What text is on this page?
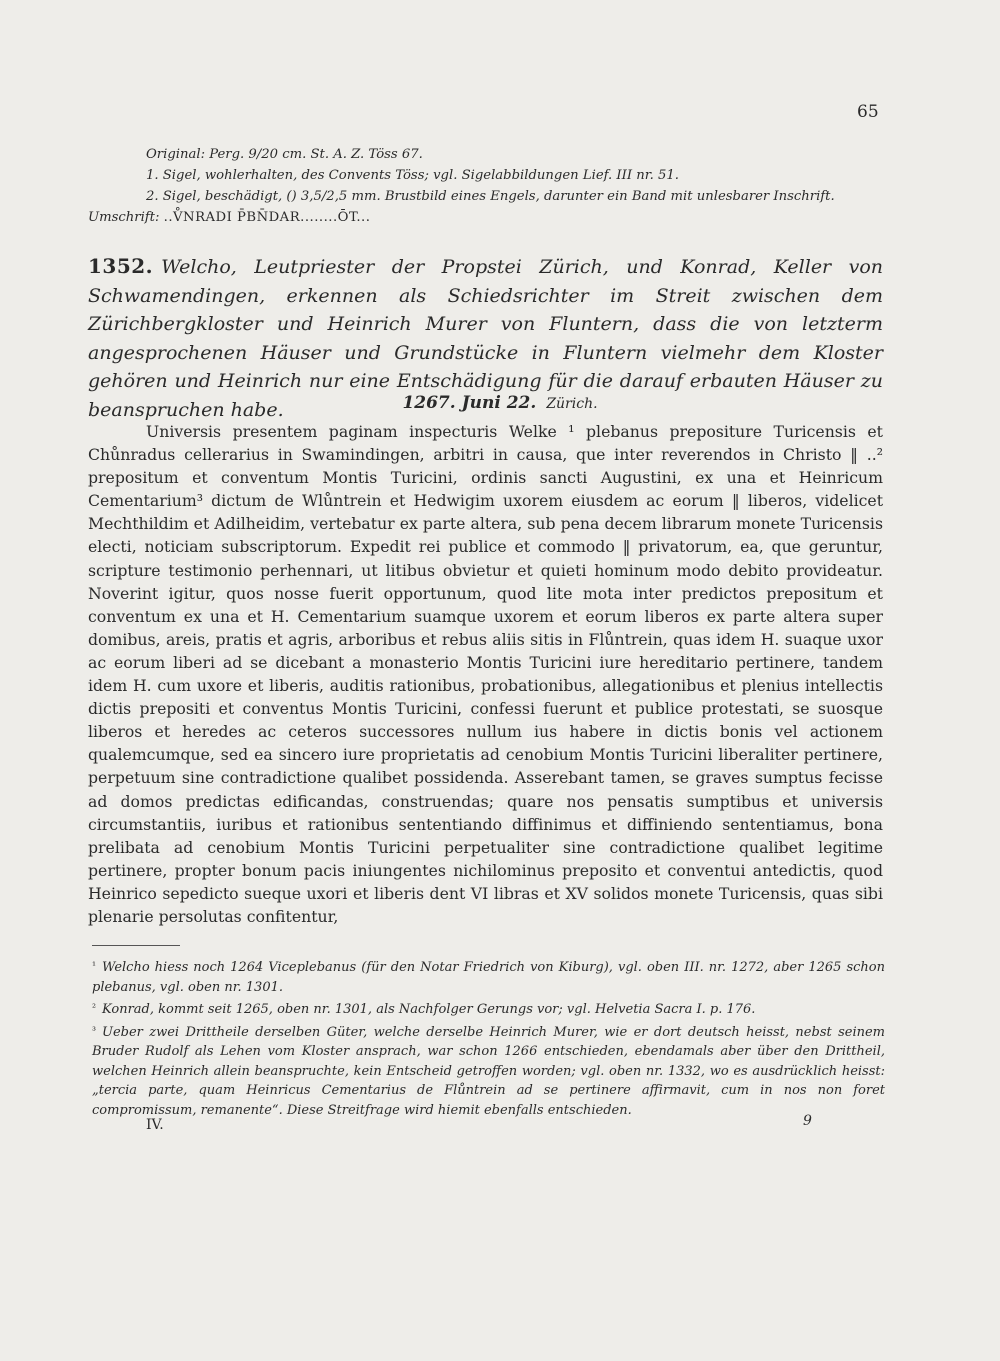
65
Original: Perg. 9/20 cm. St. A. Z. Töss 67.
1. Sigel, wohlerhalten, des Convents Töss; vgl. Sigelabbildungen Lief. III nr. 51.
2. Sigel, beschädigt, () 3,5/2,5 mm. Brustbild eines Engels, darunter ein Band mit unlesbarer Inschrift.
Umschrift: ..V̊NRADI P̄BN̄DAR........ŌT...
1352. Welcho, Leutpriester der Propstei Zürich, und Konrad, Keller von Schwamendingen, erkennen als Schiedsrichter im Streit zwischen dem Zürichbergkloster und Heinrich Murer von Fluntern, dass die von letzterm angesprochenen Häuser und Grundstücke in Fluntern vielmehr dem Kloster gehören und Heinrich nur eine Entschädigung für die darauf erbauten Häuser zu beanspruchen habe.	1267. Juni 22. Zürich.

Universis presentem paginam inspecturis Welke ¹ plebanus prepositure Turicensis et Chůnradus cellerarius in Swamindingen, arbitri in causa, que inter reverendos in Christo ‖ ..² prepositum et conventum Montis Turicini, ordinis sancti Augustini, ex una et Heinricum Cementarium³ dictum de Wlůntrein et Hedwigim uxorem eiusdem ac eorum ‖ liberos, videlicet Mechthildim et Adilheidim, vertebatur ex parte altera, sub pena decem librarum monete Turicensis electi, noticiam subscriptorum. Expedit rei publice et commodo ‖ privatorum, ea, que geruntur, scripture testimonio perhennari, ut litibus obvietur et quieti hominum modo debito provideatur. Noverint igitur, quos nosse fuerit opportunum, quod lite mota inter predictos prepositum et conventum ex una et H. Cementarium suamque uxorem et eorum liberos ex parte altera super domibus, areis, pratis et agris, arboribus et rebus aliis sitis in Flůntrein, quas idem H. suaque uxor ac eorum liberi ad se dicebant a monasterio Montis Turicini iure hereditario pertinere, tandem idem H. cum uxore et liberis, auditis rationibus, probationibus, allegationibus et plenius intellectis dictis prepositi et conventus Montis Turicini, confessi fuerunt et publice protestati, se suosque liberos et heredes ac ceteros successores nullum ius habere in dictis bonis vel actionem qualemcumque, sed ea sincero iure proprietatis ad cenobium Montis Turicini liberaliter pertinere, perpetuum sine contradictione qualibet possidenda. Asserebant tamen, se graves sumptus fecisse ad domos predictas edificandas, construendas; quare nos pensatis sumptibus et universis circumstantiis, iuribus et rationibus sententiando diffinimus et diffiniendo sententiamus, bona prelibata ad cenobium Montis Turicini perpetualiter sine contradictione qualibet legitime pertinere, propter bonum pacis iniungentes nichilominus preposito et conventui antedictis, quod Heinrico sepedicto sueque uxori et liberis dent VI libras et XV solidos monete Turicensis, quas sibi plenarie persolutas confitentur,

¹ Welcho hiess noch 1264 Viceplebanus (für den Notar Friedrich von Kiburg), vgl. oben III. nr. 1272, aber 1265 schon plebanus, vgl. oben nr. 1301.

² Konrad, kommt seit 1265, oben nr. 1301, als Nachfolger Gerungs vor; vgl. Helvetia Sacra I. p. 176.

³ Ueber zwei Drittheile derselben Güter, welche derselbe Heinrich Murer, wie er dort deutsch heisst, nebst seinem Bruder Rudolf als Lehen vom Kloster ansprach, war schon 1266 entschieden, ebendamals aber über den Drittheil, welchen Heinrich allein beanspruchte, kein Entscheid getroffen worden; vgl. oben nr. 1332, wo es ausdrücklich heisst: „tercia parte, quam Heinricus Cementarius de Flůntrein ad se pertinere affirmavit, cum in nos non foret compromissum, remanente“. Diese Streitfrage wird hiemit ebenfalls entschieden.

IV.	9
